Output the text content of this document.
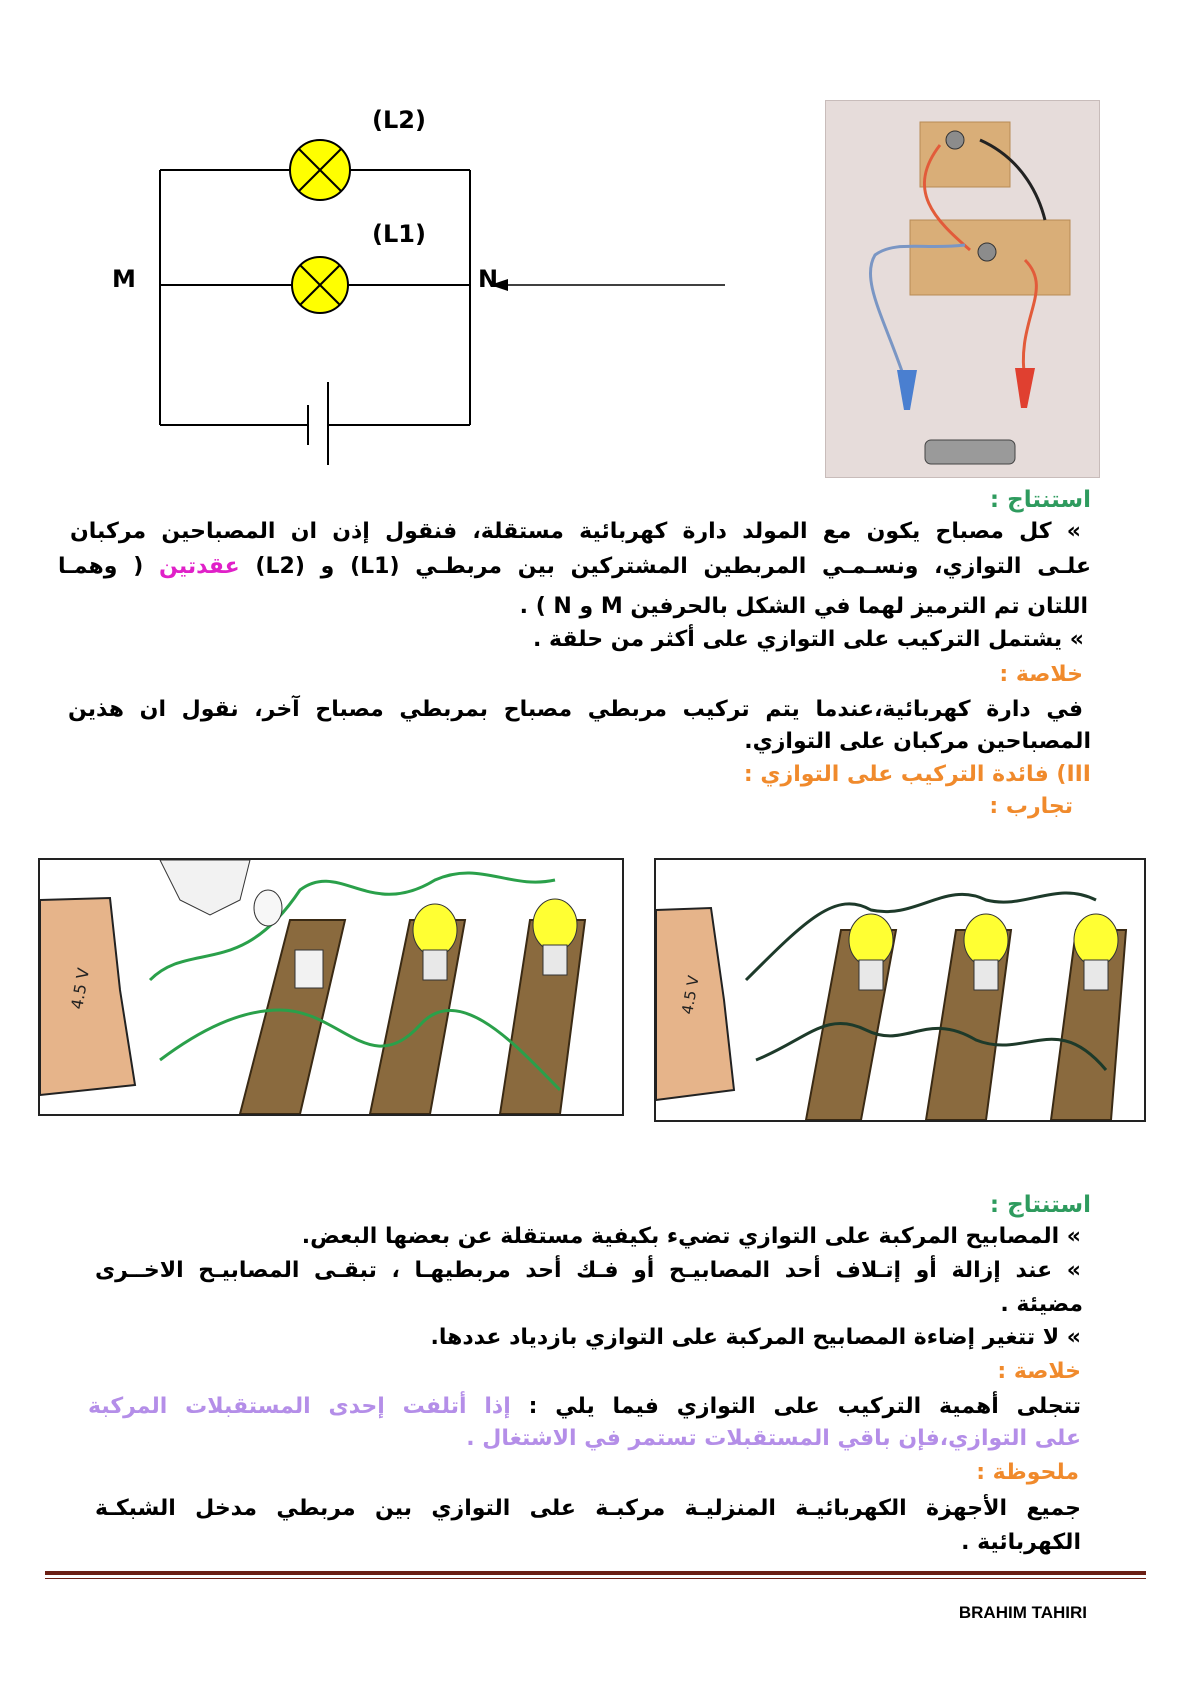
(L2)
(L1)
M	N
استنتاج :
» كل مصباح يكون مع المولد دارة كهربائية مستقلة، فنقول إذن ان المصباحين مركبان
علـى التوازي، ونسـمـي المربطين المشتركين بين مربطـي (L1) و (L2) عقدتين ( وهمـا
اللتان تم الترميز لهما في الشكل بالحرفين M و N ) .
» يشتمل التركيب على التوازي على أكثر من حلقة .
خلاصة :
في دارة كهربائية،عندما يتم تركيب مربطي مصباح بمربطي مصباح آخر، نقول ان هذين
المصباحين مركبان على التوازي.
III) فائدة التركيب على التوازي :
تجارب :
4.5 V	4.5 V
استنتاج :
» المصابيح المركبة على التوازي تضيء بكيفية مستقلة عن بعضها البعض.
» عند إزالة أو إتـلاف أحد المصابيـح أو فـك أحد مربطيهـا ، تبقـى المصابيـح الاخــرى
مضيئة .
» لا تتغير إضاءة المصابيح المركبة على التوازي بازدياد عددها.
خلاصة :
تتجلى أهمية التركيب على التوازي فيما يلي : إذا أتلفت إحدى المستقبلات المركبة
على التوازي،فإن باقي المستقبلات تستمر في الاشتغال .
ملحوظة :
جميع الأجهزة الكهربائيـة المنزليـة مركبـة على التوازي بين مربطي مدخل الشبكـة
الكهربائية .
BRAHIM TAHIRI
